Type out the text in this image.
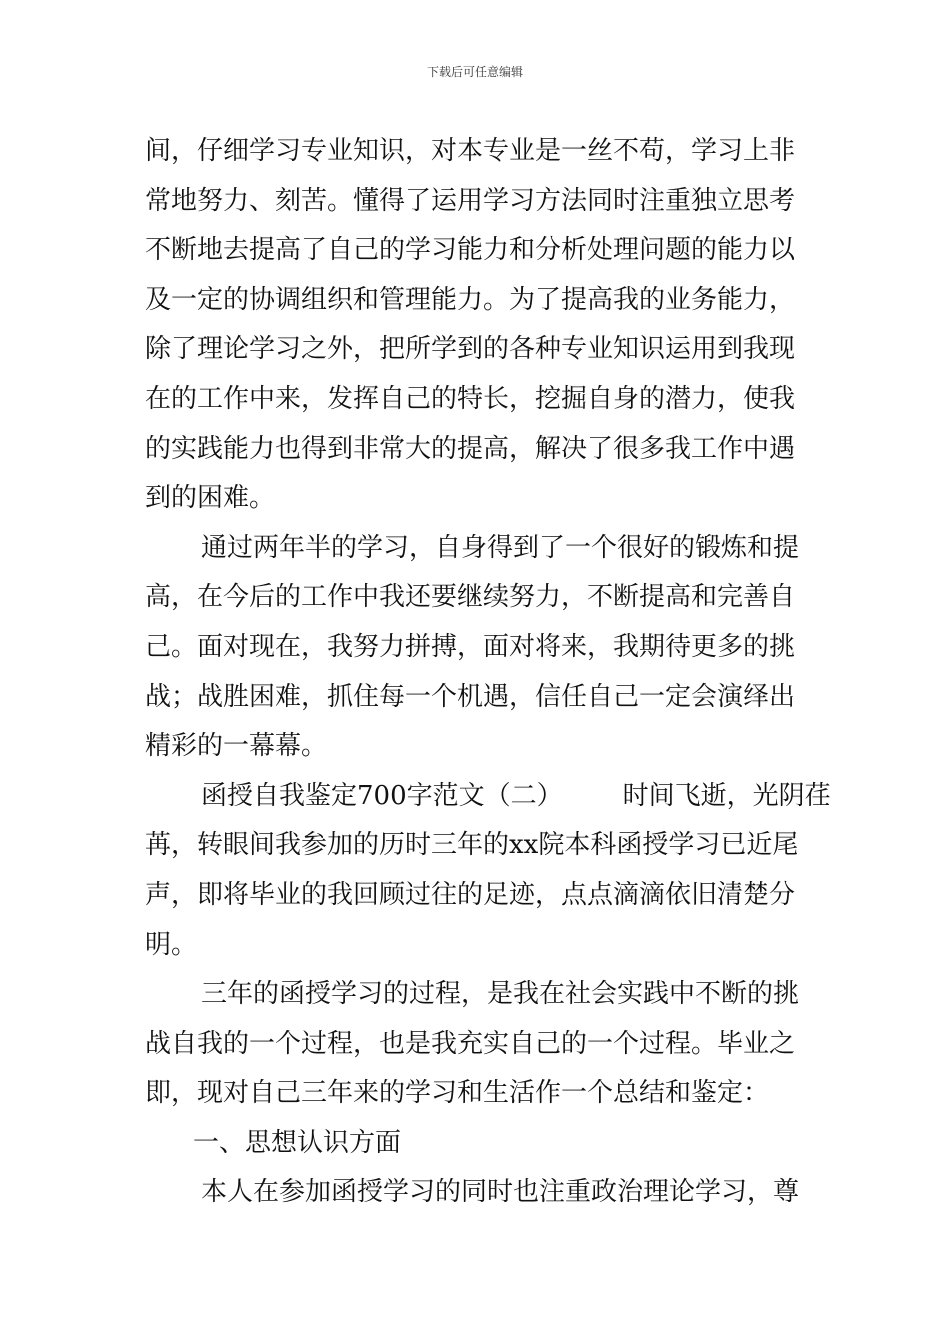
下载后可任意编辑
间，仔细学习专业知识，对本专业是一丝不苟，学习上非
常地努力、刻苦。懂得了运用学习方法同时注重独立思考
不断地去提高了自己的学习能力和分析处理问题的能力以
及一定的协调组织和管理能力。为了提高我的业务能力，
除了理论学习之外，把所学到的各种专业知识运用到我现
在的工作中来，发挥自己的特长，挖掘自身的潜力，使我
的实践能力也得到非常大的提高，解决了很多我工作中遇
到的困难。
通过两年半的学习，自身得到了一个很好的锻炼和提
高，在今后的工作中我还要继续努力，不断提高和完善自
己。面对现在，我努力拼搏，面对将来，我期待更多的挑
战；战胜困难，抓住每一个机遇，信任自己一定会演绎出
精彩的一幕幕。
函授自我鉴定700字范文（二） 时间飞逝，光阴荏
苒，转眼间我参加的历时三年的xx院本科函授学习已近尾
声，即将毕业的我回顾过往的足迹，点点滴滴依旧清楚分
明。
三年的函授学习的过程，是我在社会实践中不断的挑
战自我的一个过程，也是我充实自己的一个过程。毕业之
即，现对自己三年来的学习和生活作一个总结和鉴定：
一、思想认识方面
本人在参加函授学习的同时也注重政治理论学习，尊
